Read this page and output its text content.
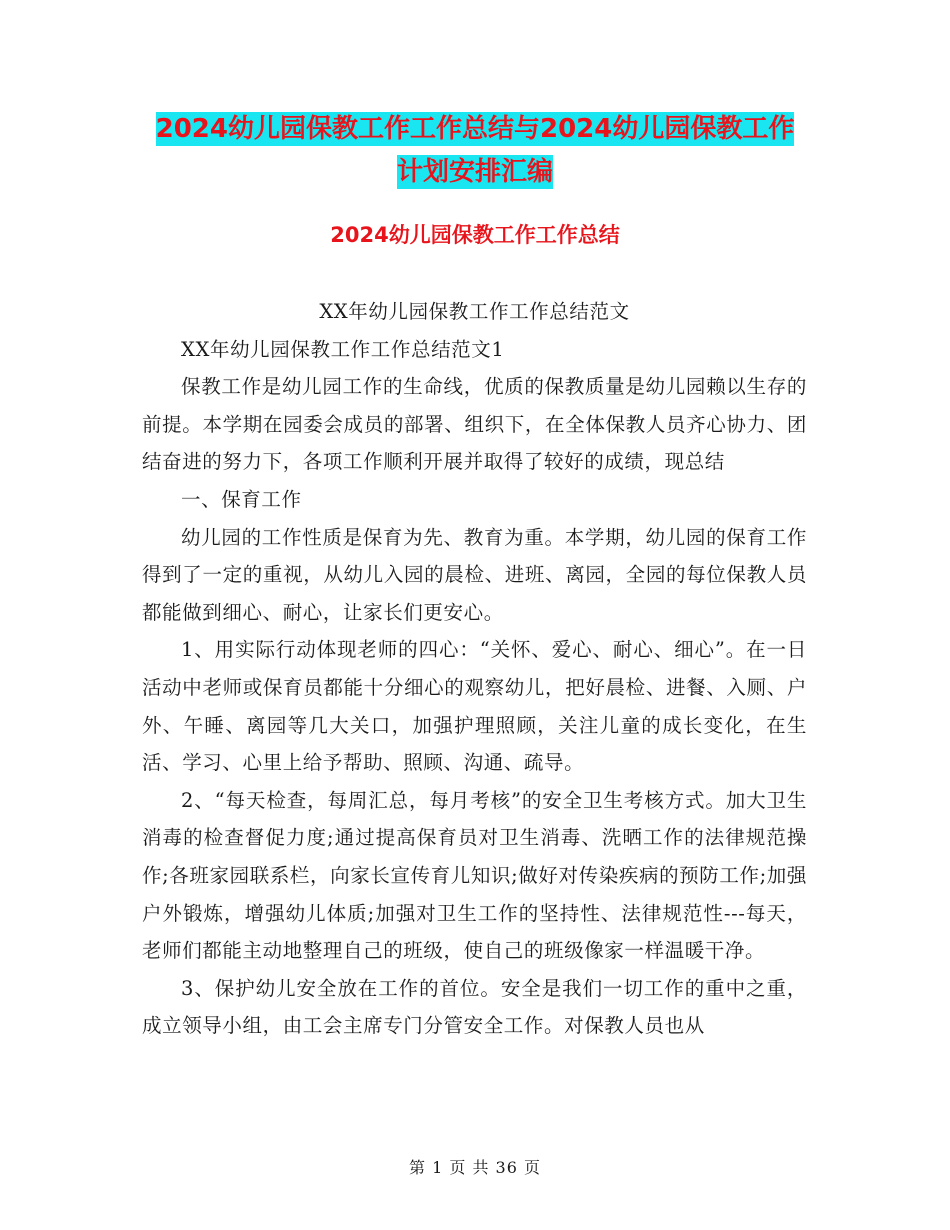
2024幼儿园保教工作工作总结与2024幼儿园保教工作
计划安排汇编
2024幼儿园保教工作工作总结

XX年幼儿园保教工作工作总结范文

XX年幼儿园保教工作工作总结范文1

保教工作是幼儿园工作的生命线，优质的保教质量是幼儿园赖以生存的前提。本学期在园委会成员的部署、组织下，在全体保教人员齐心协力、团结奋进的努力下，各项工作顺利开展并取得了较好的成绩，现总结

一、保育工作

幼儿园的工作性质是保育为先、教育为重。本学期，幼儿园的保育工作得到了一定的重视，从幼儿入园的晨检、进班、离园，全园的每位保教人员都能做到细心、耐心，让家长们更安心。

1、用实际行动体现老师的四心：“关怀、爱心、耐心、细心”。在一日活动中老师或保育员都能十分细心的观察幼儿，把好晨检、进餐、入厕、户外、午睡、离园等几大关口，加强护理照顾，关注儿童的成长变化，在生活、学习、心里上给予帮助、照顾、沟通、疏导。

2、“每天检查，每周汇总，每月考核”的安全卫生考核方式。加大卫生消毒的检查督促力度;通过提高保育员对卫生消毒、洗晒工作的法律规范操作;各班家园联系栏，向家长宣传育儿知识;做好对传染疾病的预防工作;加强户外锻炼，增强幼儿体质;加强对卫生工作的坚持性、法律规范性---每天，老师们都能主动地整理自己的班级，使自己的班级像家一样温暖干净。

3、保护幼儿安全放在工作的首位。安全是我们一切工作的重中之重，成立领导小组，由工会主席专门分管安全工作。对保教人员也从

第 1 页 共 36 页
